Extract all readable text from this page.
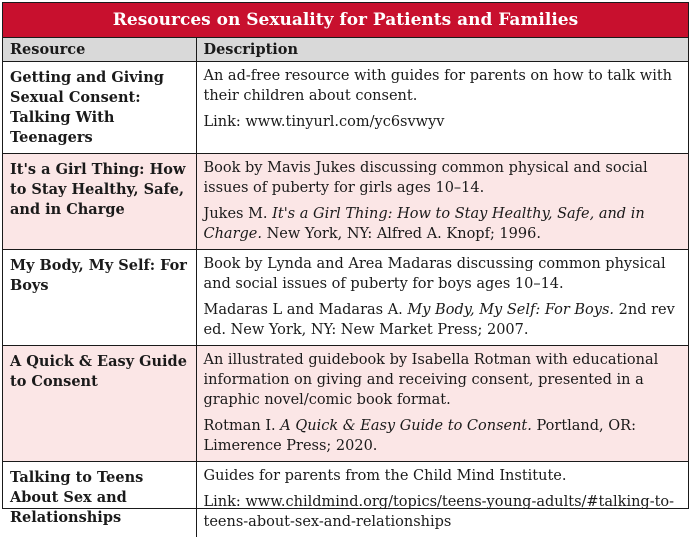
Resources on Sexuality for Patients and Families
Resource	Description
Getting and Giving Sexual Consent: Talking With Teenagers	An ad-free resource with guides for parents on how to talk with their children about consent.

Link: www.tinyurl.com/yc6svwyv

It's a Girl Thing: How to Stay Healthy, Safe, and in Charge	Book by Mavis Jukes discussing common physical and social issues of puberty for girls ages 10–14.

Jukes M. It's a Girl Thing: How to Stay Healthy, Safe, and in Charge. New York, NY: Alfred A. Knopf; 1996.

My Body, My Self: For Boys	Book by Lynda and Area Madaras discussing common physical and social issues of puberty for boys ages 10–14.

Madaras L and Madaras A. My Body, My Self: For Boys. 2nd rev ed. New York, NY: New Market Press; 2007.

A Quick & Easy Guide to Consent	An illustrated guidebook by Isabella Rotman with educational information on giving and receiving consent, presented in a graphic novel/comic book format.

Rotman I. A Quick & Easy Guide to Consent. Portland, OR: Limerence Press; 2020.

Talking to Teens About Sex and Relationships	Guides for parents from the Child Mind Institute.

Link: www.childmind.org/topics/teens-young-adults/#talking-to-teens-about-sex-and-relationships
